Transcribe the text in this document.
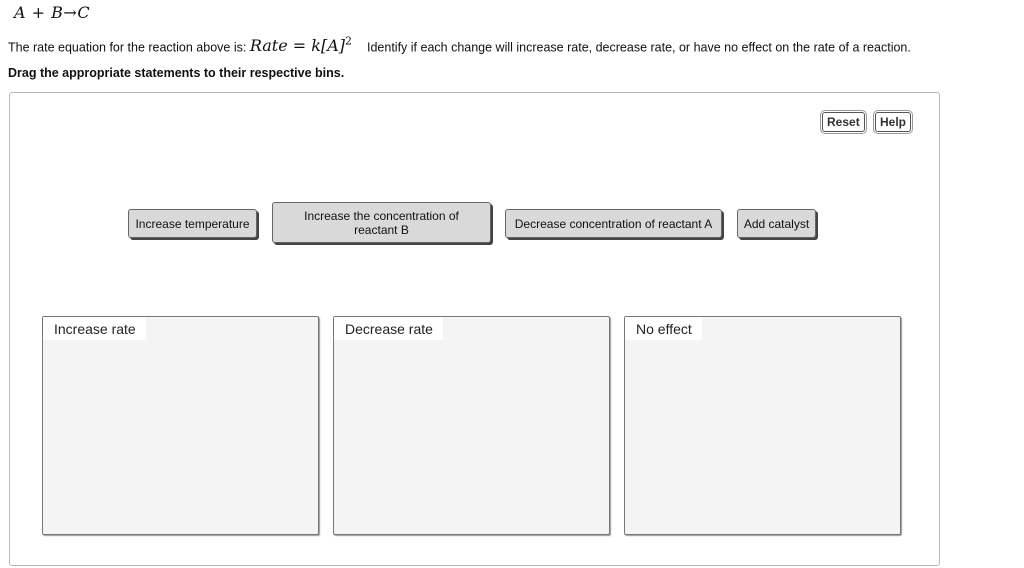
A + B→C
The rate equation for the reaction above is: Rate = $k[A]^2$ Identify if each change will increase rate, decrease rate, or have no effect on the rate of a reaction.
Drag the appropriate statements to their respective bins.
Reset	Help
Increase temperature
Increase the concentration of reactant B	Decrease concentration of reactant A	Add catalyst
Increase rate	Decrease rate	No effect
